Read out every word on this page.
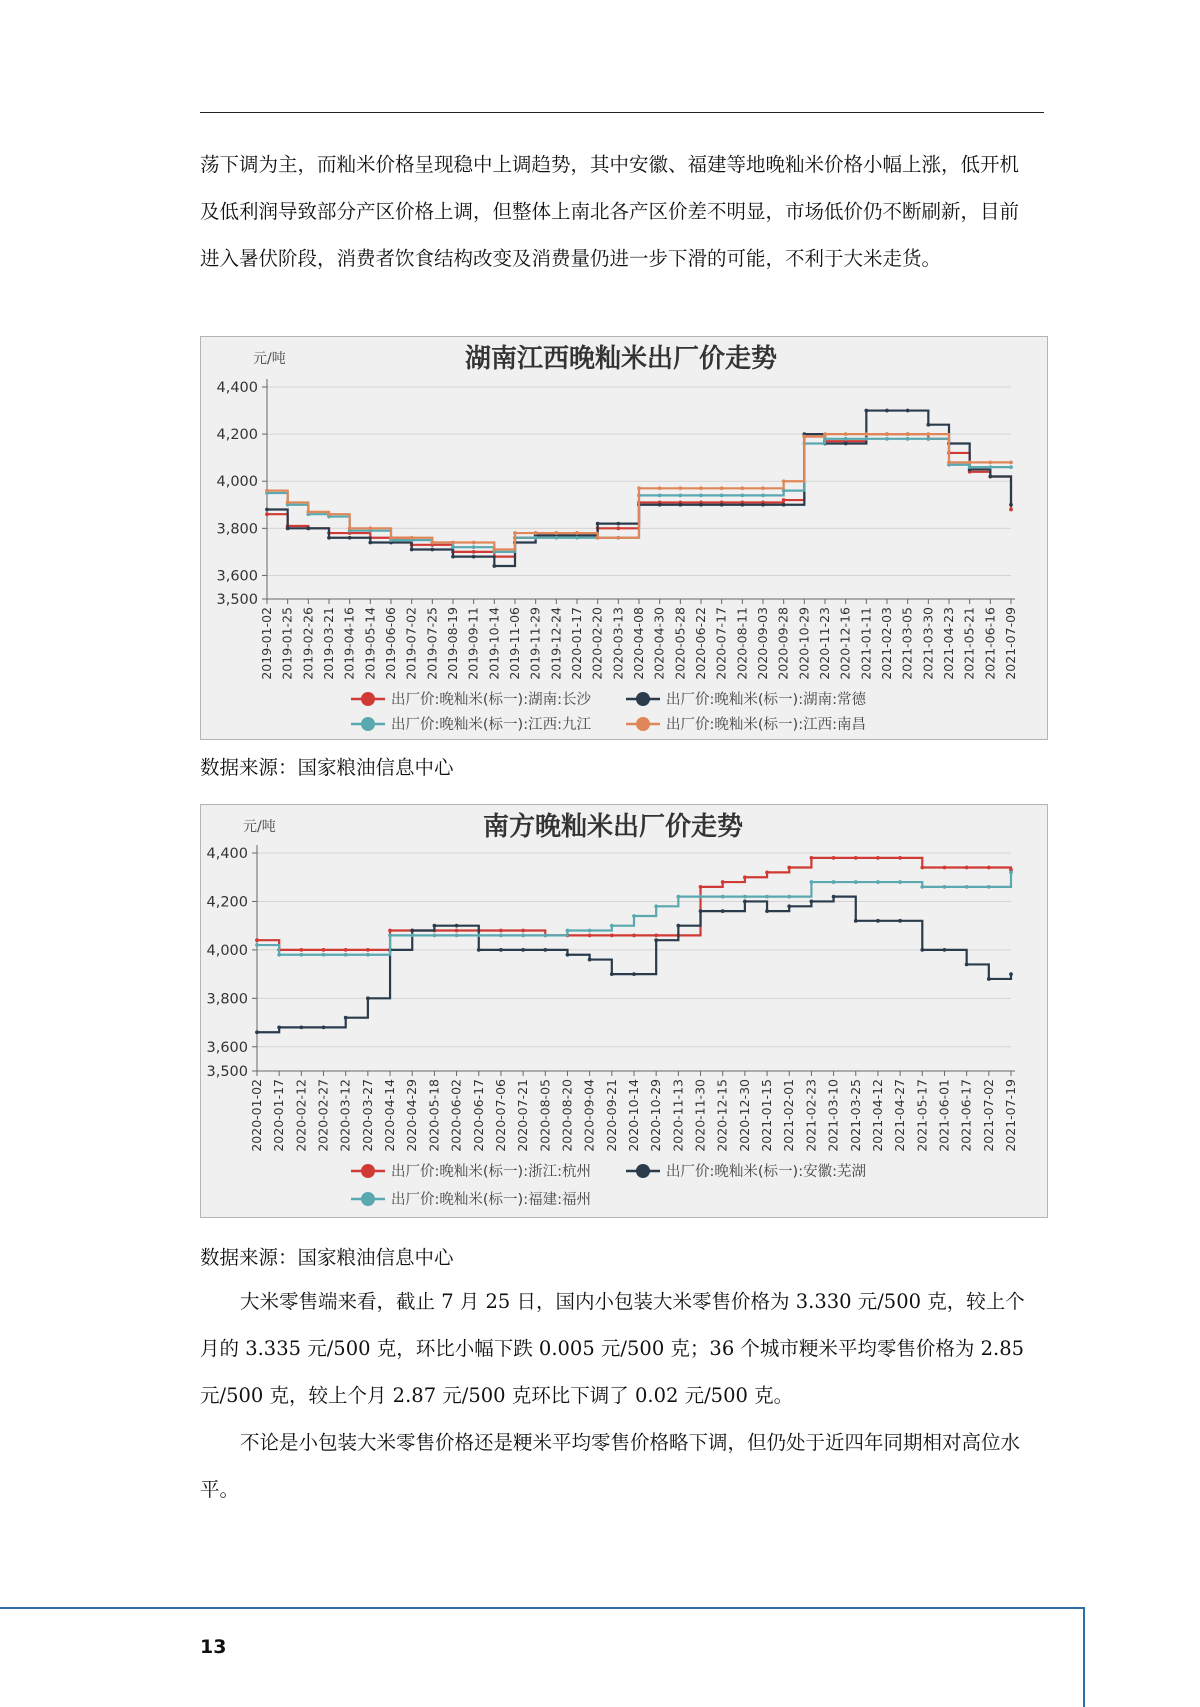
荡下调为主，而籼米价格呈现稳中上调趋势，其中安徽、福建等地晚籼米价格小幅上涨，低开机及低利润导致部分产区价格上调，但整体上南北各产区价差不明显，市场低价仍不断刷新，目前进入暑伏阶段，消费者饮食结构改变及消费量仍进一步下滑的可能，不利于大米走货。

湖南江西晚籼米出厂价走势
元/吨
3,500
3,600
3,800
4,000
4,200
4,400
2019-01-02 2019-01-25 2019-02-26 2019-03-21 2019-04-16 2019-05-14 2019-06-06 2019-07-02 2019-07-25 2019-08-19 2019-09-11 2019-10-14 2019-11-06 2019-11-29 2019-12-24 2020-01-17 2020-02-20 2020-03-13 2020-04-08 2020-04-30 2020-05-28 2020-06-22 2020-07-17 2020-08-11 2020-09-03 2020-09-28 2020-10-29 2020-11-23 2020-12-16 2021-01-11 2021-02-03 2021-03-05 2021-03-30 2021-04-23 2021-05-21 2021-06-16 2021-07-09
出厂价:晚籼米(标一):湖南:长沙	出厂价:晚籼米(标一):湖南:常德
出厂价:晚籼米(标一):江西:九江	出厂价:晚籼米(标一):江西:南昌
数据来源：国家粮油信息中心
南方晚籼米出厂价走势
元/吨
3,500
3,600
3,800
4,000
4,200
4,400
2020-01-02 2020-01-17 2020-02-12 2020-02-27 2020-03-12 2020-03-27 2020-04-14 2020-04-29 2020-05-18 2020-06-02 2020-06-17 2020-07-06 2020-07-21 2020-08-05 2020-08-20 2020-09-04 2020-09-21 2020-10-14 2020-10-29 2020-11-13 2020-11-30 2020-12-15 2020-12-30 2021-01-15 2021-02-01 2021-02-23 2021-03-10 2021-03-25 2021-04-12 2021-04-27 2021-05-17 2021-06-01 2021-06-17 2021-07-02 2021-07-19
出厂价:晚籼米(标一):浙江:杭州	出厂价:晚籼米(标一):安徽:芜湖
出厂价:晚籼米(标一):福建:福州
数据来源：国家粮油信息中心

大米零售端来看，截止 7 月 25 日，国内小包装大米零售价格为 3.330 元/500 克，较上个月的 3.335 元/500 克，环比小幅下跌 0.005 元/500 克；36 个城市粳米平均零售价格为 2.85 元/500 克，较上个月 2.87 元/500 克环比下调了 0.02 元/500 克。

不论是小包装大米零售价格还是粳米平均零售价格略下调，但仍处于近四年同期相对高位水平。

13
